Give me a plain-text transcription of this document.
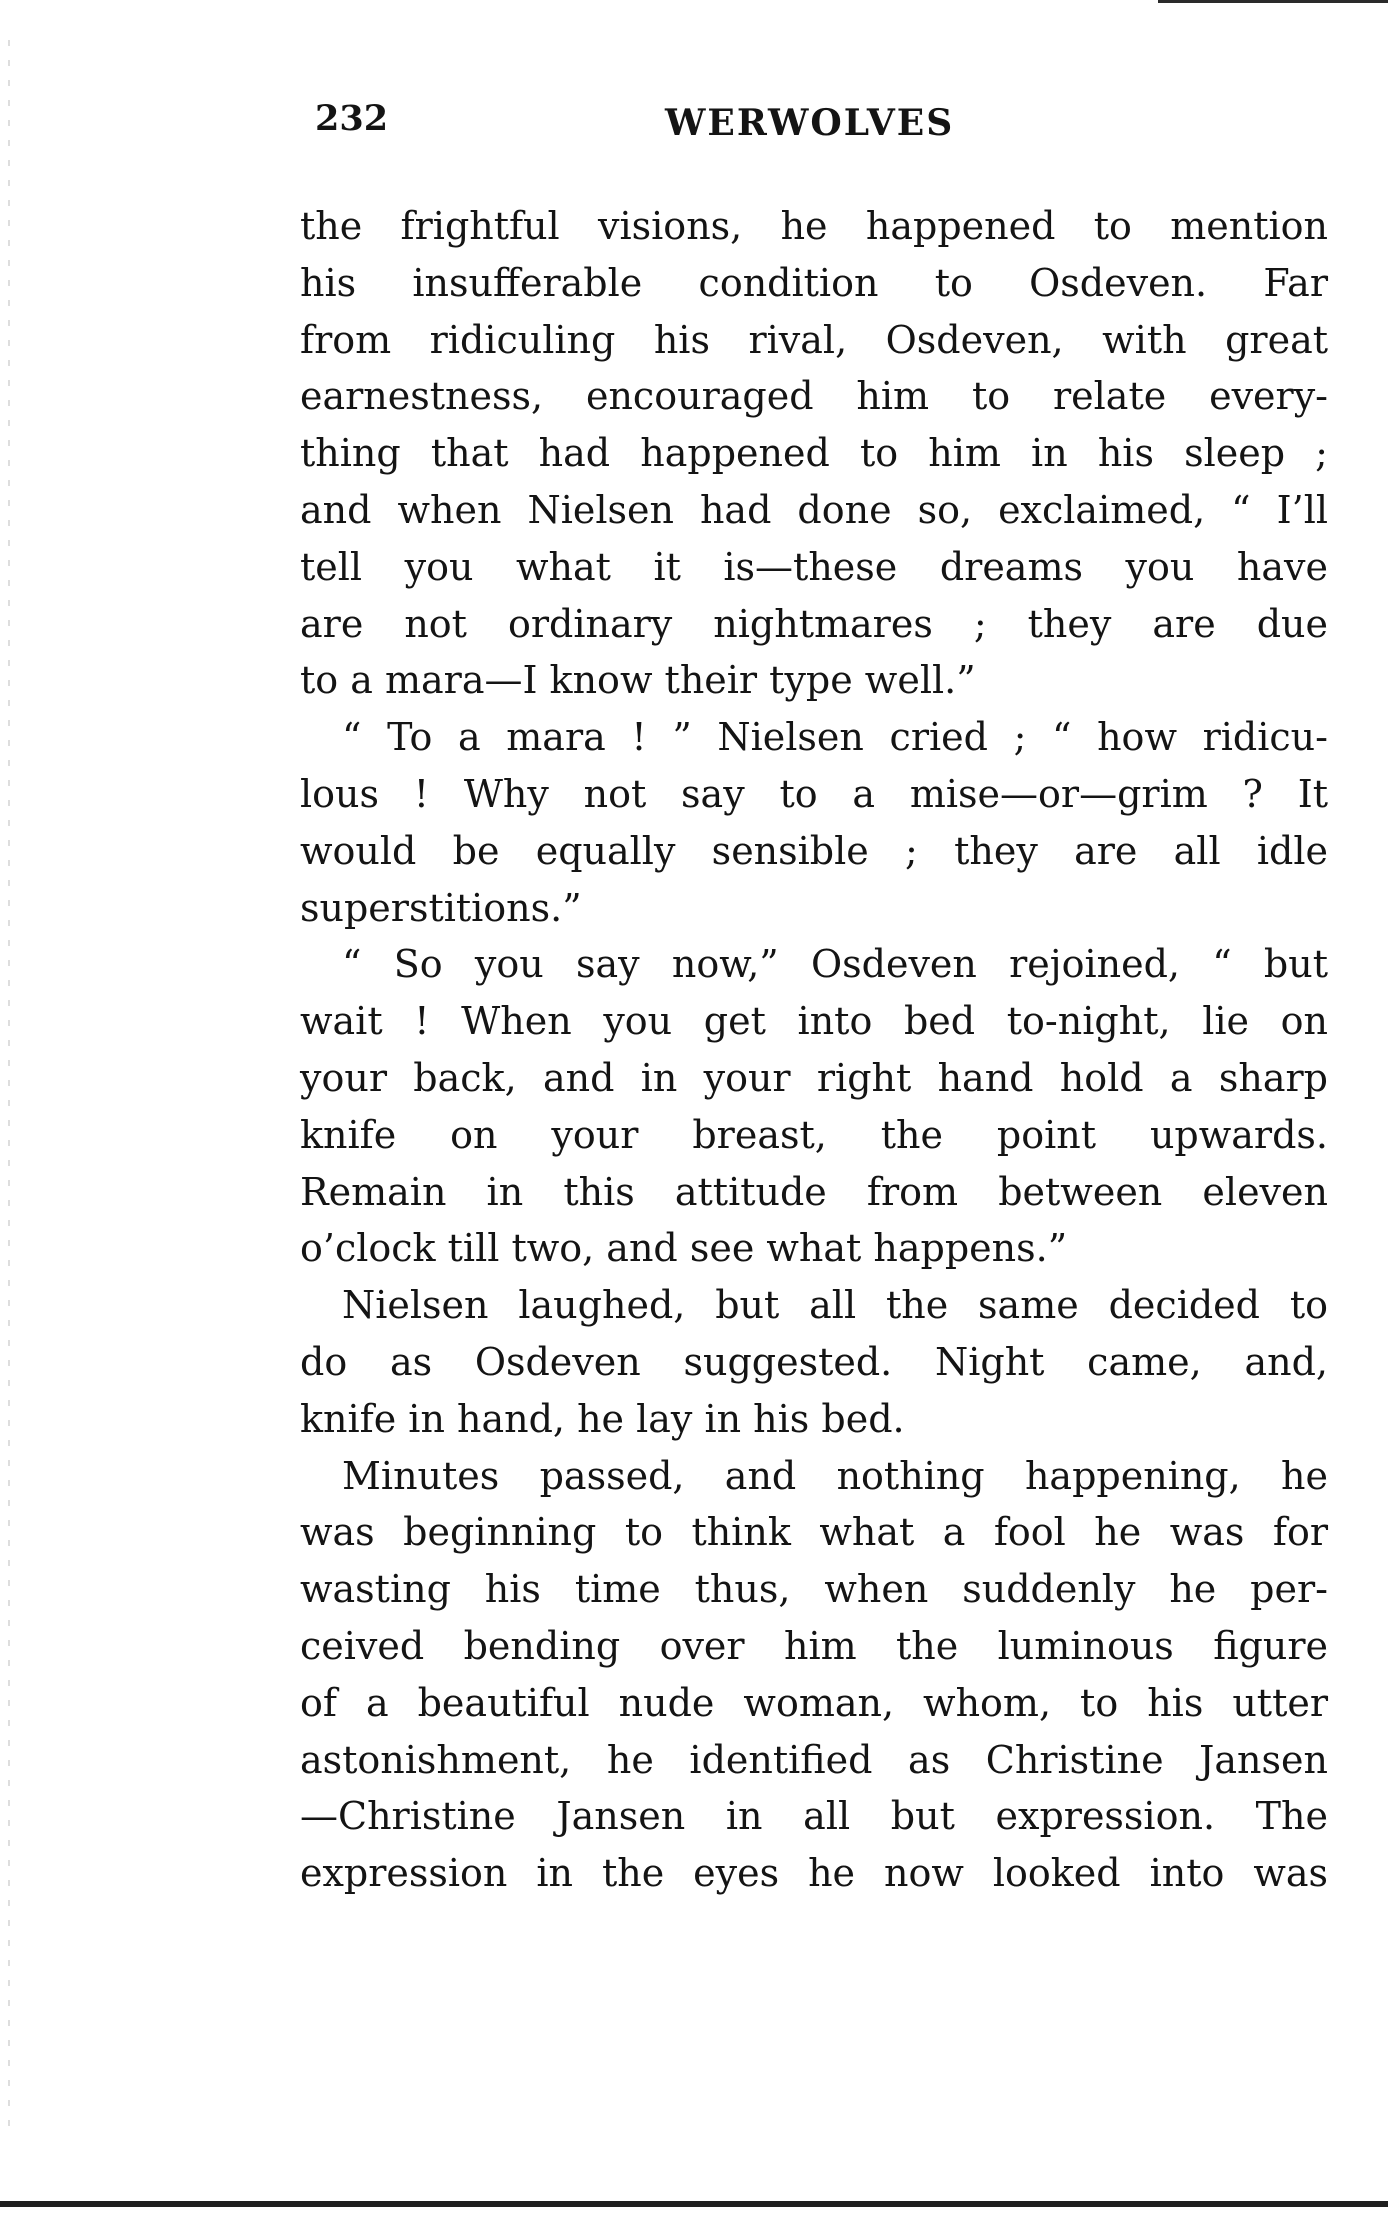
232	WERWOLVES
the frightful visions, he happened to mention
his insufferable condition to Osdeven. Far
from ridiculing his rival, Osdeven, with great
earnestness, encouraged him to relate every-
thing that had happened to him in his sleep ;
and when Nielsen had done so, exclaimed, “ I’ll
tell you what it is—these dreams you have
are not ordinary nightmares ; they are due
to a mara—I know their type well.”
“ To a mara ! ” Nielsen cried ; “ how ridicu-
lous ! Why not say to a mise—or—grim ? It
would be equally sensible ; they are all idle
superstitions.”
“ So you say now,” Osdeven rejoined, “ but
wait ! When you get into bed to-night, lie on
your back, and in your right hand hold a sharp
knife on your breast, the point upwards.
Remain in this attitude from between eleven
o’clock till two, and see what happens.”
Nielsen laughed, but all the same decided to
do as Osdeven suggested. Night came, and,
knife in hand, he lay in his bed.
Minutes passed, and nothing happening, he
was beginning to think what a fool he was for
wasting his time thus, when suddenly he per-
ceived bending over him the luminous figure
of a beautiful nude woman, whom, to his utter
astonishment, he identified as Christine Jansen
—Christine Jansen in all but expression. The
expression in the eyes he now looked into was
